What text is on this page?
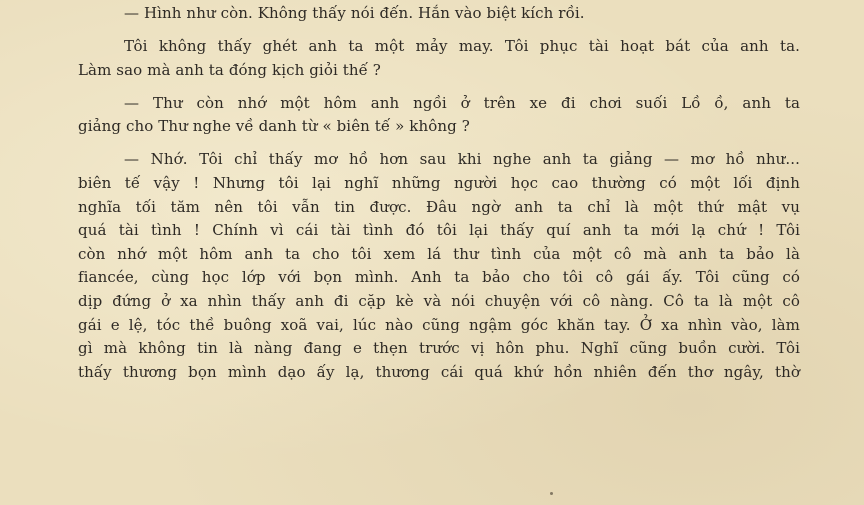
— Hình như còn. Không thấy nói đến. Hắn vào biệt kích rồi.
Tôi không thấy ghét anh ta một mảy may. Tôi phục tài hoạt bát của anh ta.
Làm sao mà anh ta đóng kịch giỏi thế ?
— Thư còn nhớ một hôm anh ngồi ở trên xe đi chơi suối Lồ ồ, anh ta
giảng cho Thư nghe về danh từ « biên tế » không ?
— Nhớ. Tôi chỉ thấy mơ hồ hơn sau khi nghe anh ta giảng — mơ hồ như...
biên tế vậy ! Nhưng tôi lại nghĩ những người học cao thường có một lối định
nghĩa tối tăm nên tôi vẫn tin được. Đâu ngờ anh ta chỉ là một thứ mật vụ
quá tài tình ! Chính vì cái tài tình đó tôi lại thấy quí anh ta mới lạ chứ ! Tôi
còn nhớ một hôm anh ta cho tôi xem lá thư tình của một cô mà anh ta bảo là
fiancée, cùng học lớp với bọn mình. Anh ta bảo cho tôi cô gái ấy. Tôi cũng có
dịp đứng ở xa nhìn thấy anh đi cặp kè và nói chuyện với cô nàng. Cô ta là một cô
gái e lệ, tóc thề buông xoã vai, lúc nào cũng ngậm góc khăn tay. Ở xa nhìn vào, làm
gì mà không tin là nàng đang e thẹn trước vị hôn phu. Nghĩ cũng buồn cười. Tôi
thấy thương bọn mình dạo ấy lạ, thương cái quá khứ hồn nhiên đến thơ ngây, thờ
